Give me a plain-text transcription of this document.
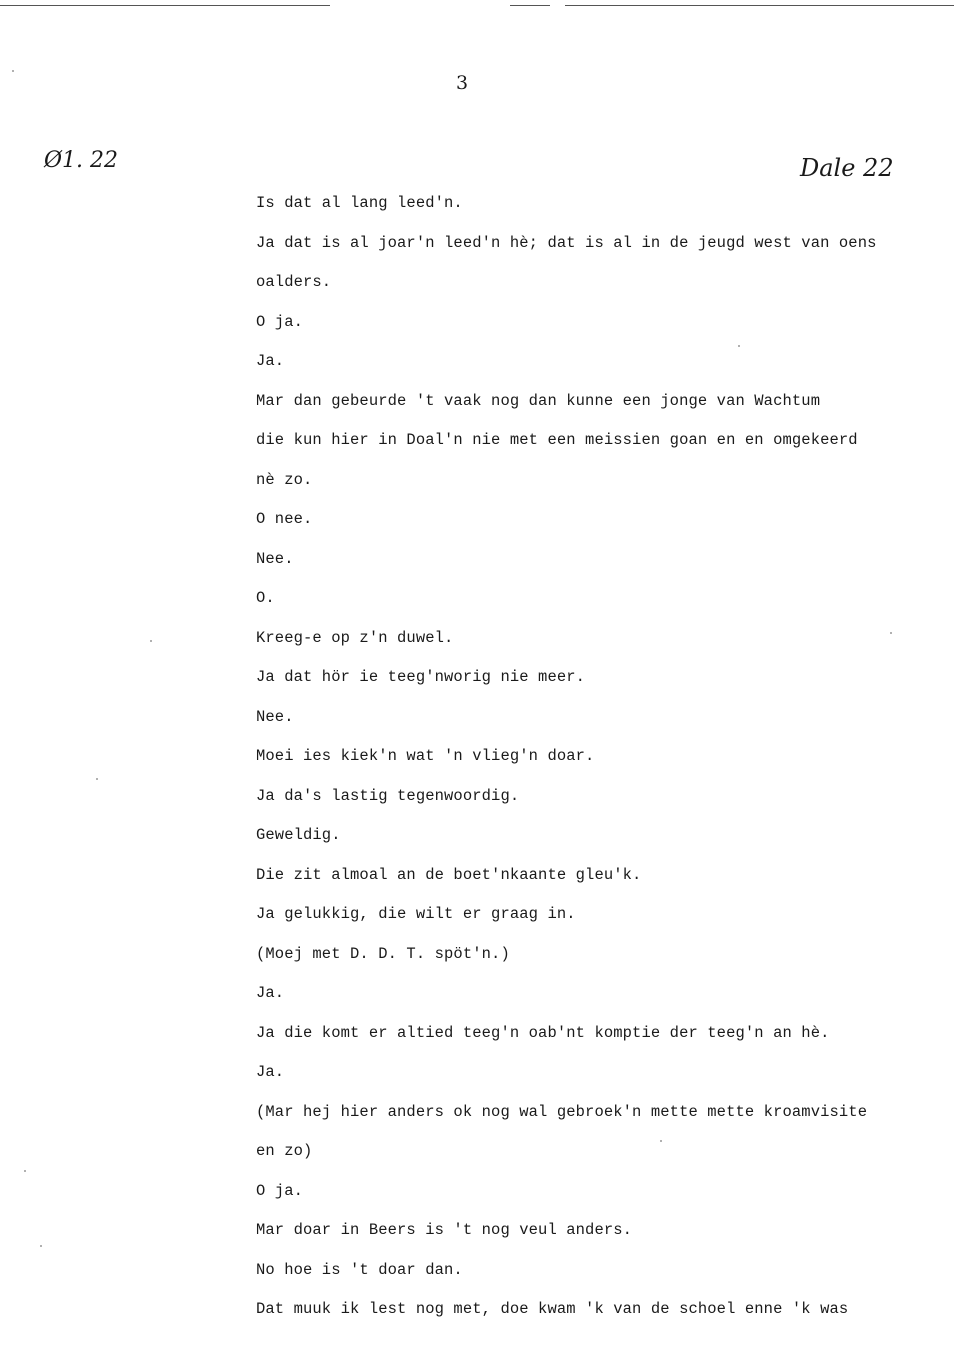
3
Ø1. 22	Dale 22
Is dat al lang leed'n.
Ja dat is al joar'n leed'n hè; dat is al in de jeugd west van oens
oalders.
O ja.
Ja.
Mar dan gebeurde 't vaak nog dan kunne een jonge van Wachtum
die kun hier in Doal'n nie met een meissien goan en en omgekeerd
nè zo.
O nee.
Nee.
O.
Kreeg-e op z'n duwel.
Ja dat hör ie teeg'nworig nie meer.
Nee.
Moei ies kiek'n wat 'n vlieg'n doar.
Ja da's lastig tegenwoordig.
Geweldig.
Die zit almoal an de boet'nkaante gleu'k.
Ja gelukkig, die wilt er graag in.
(Moej met D. D. T. spöt'n.)
Ja.
Ja die komt er altied teeg'n oab'nt komptie der teeg'n an hè.
Ja.
(Mar hej hier anders ok nog wal gebroek'n mette mette kroamvisite
en zo)
O ja.
Mar doar in Beers is 't nog veul anders.
No hoe is 't doar dan.
Dat muuk ik lest nog met, doe kwam 'k van de schoel enne 'k was
